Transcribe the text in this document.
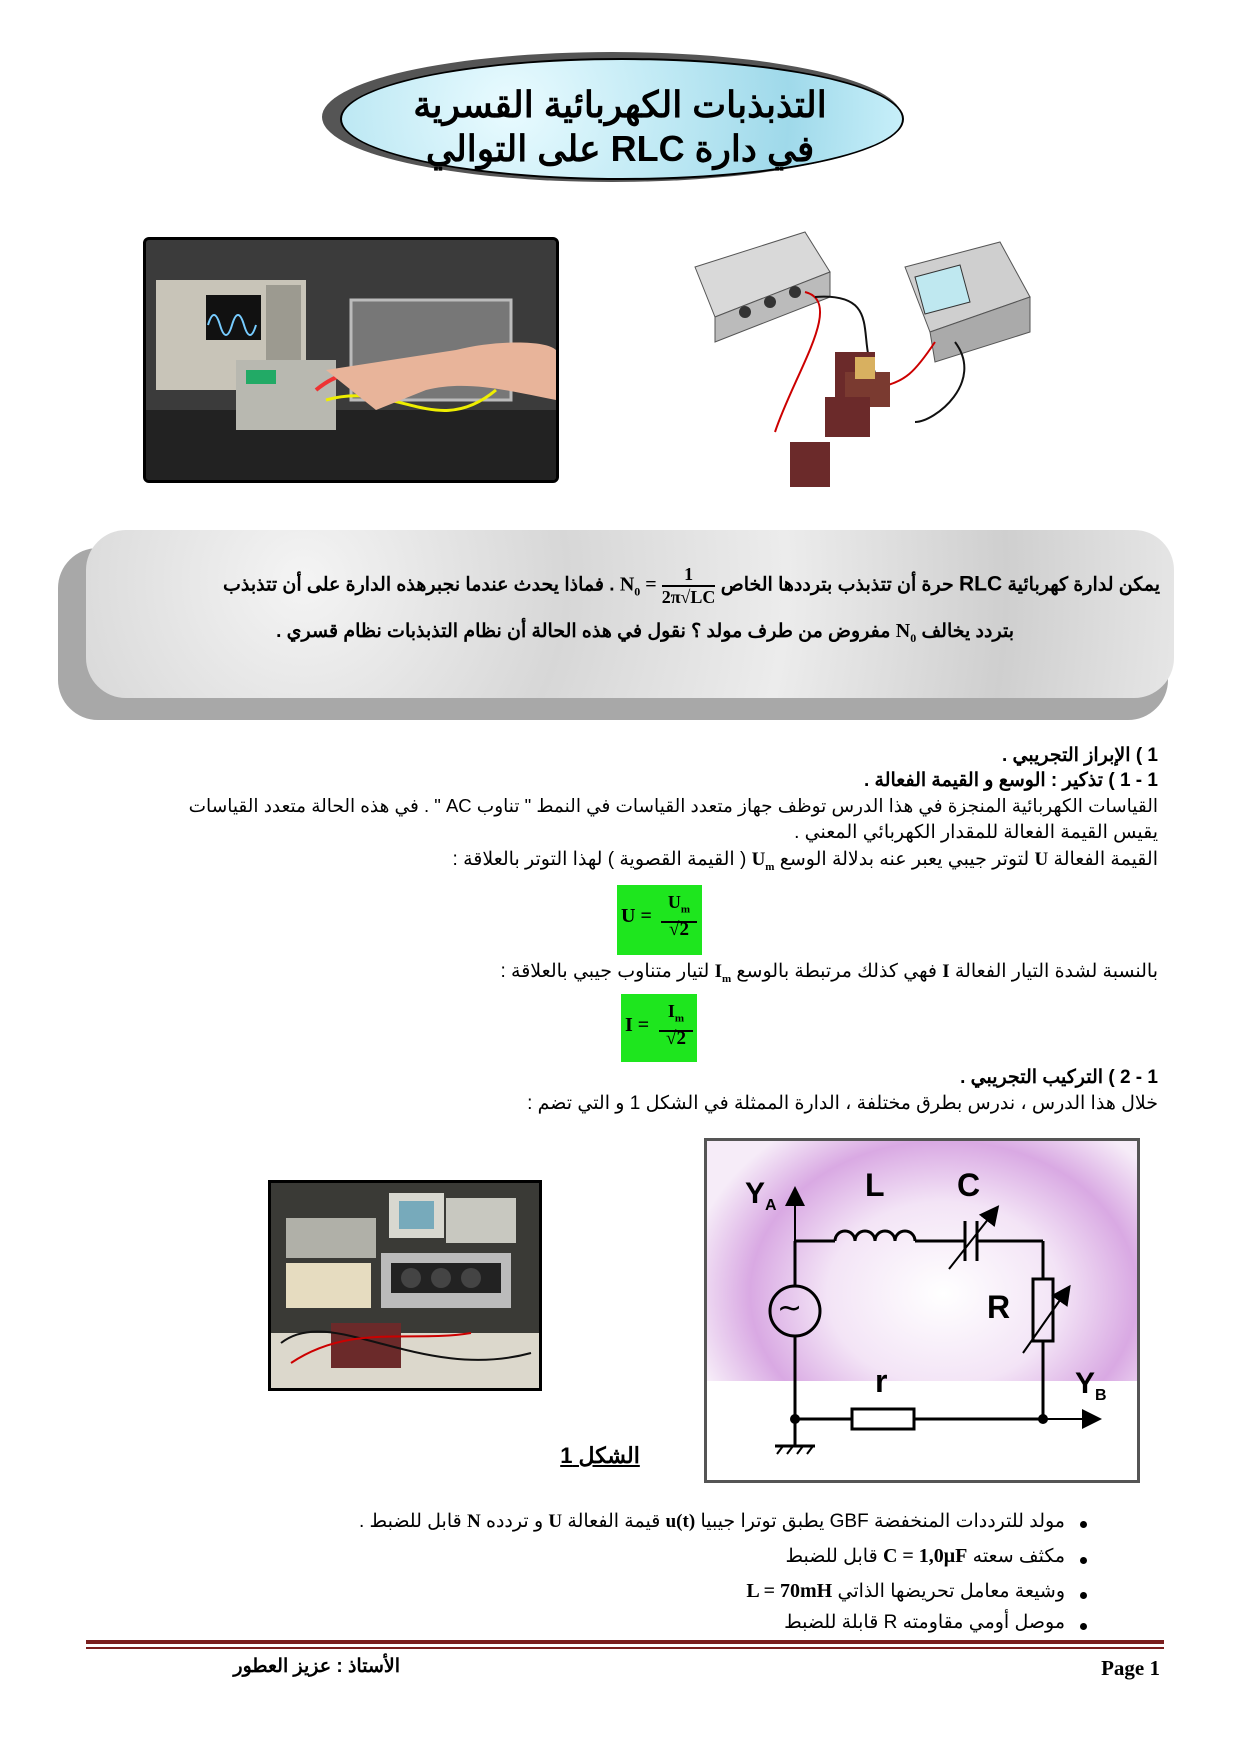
التذبذبات الكهربائية القسرية
في دارة RLC على التوالي
يمكن لدارة كهربائية RLC حرة أن تتذبذب بترددها الخاص $N_0 = \frac{1}{2\pi√LC}$
. فماذا يحدث عندما نجبرهذه الدارة على أن تتذبذب
بتردد يخالف $N_0$ مفروض من طرف مولد ؟ نقول في هذه الحالة أن نظام التذبذبات نظام قسري .
1 ) الإبراز التجريبي .
1 - 1 ) تذكير : الوسع و القيمة الفعالة .
القياسات الكهربائية المنجزة في هذا الدرس توظف جهاز متعدد القياسات في النمط " تناوب AC " . في هذه الحالة متعدد القياسات
يقيس القيمة الفعالة للمقدار الكهربائي المعني .
القيمة الفعالة U لتوتر جيبي يعبر عنه بدلالة الوسع $U_m$ ( القيمة القصوية ) لهذا التوتر بالعلاقة :
U =
$U_m$
√2
بالنسبة لشدة التيار الفعالة I فهي كذلك مرتبطة بالوسع $I_m$ لتيار متناوب جيبي بالعلاقة :
I =
$I_m$
√2
1 - 2 ) التركيب التجريبي .
خلال هذا الدرس ، ندرس بطرق مختلفة ، الدارة الممثلة في الشكل 1 و التي تضم :
$Y_A$
L C
R
r	$Y_B$
~
الشكل 1
مولد للترددات المنخفضة GBF يطبق توترا جيبيا u(t) قيمة الفعالة U و تردده N قابل للضبط .
مكثف سعته C = 1,0μF قابل للضبط
وشيعة معامل تحريضها الذاتي L = 70mH
موصل أومي مقاومته R قابلة للضبط
الأستاذ : عزيز العطور	Page 1
